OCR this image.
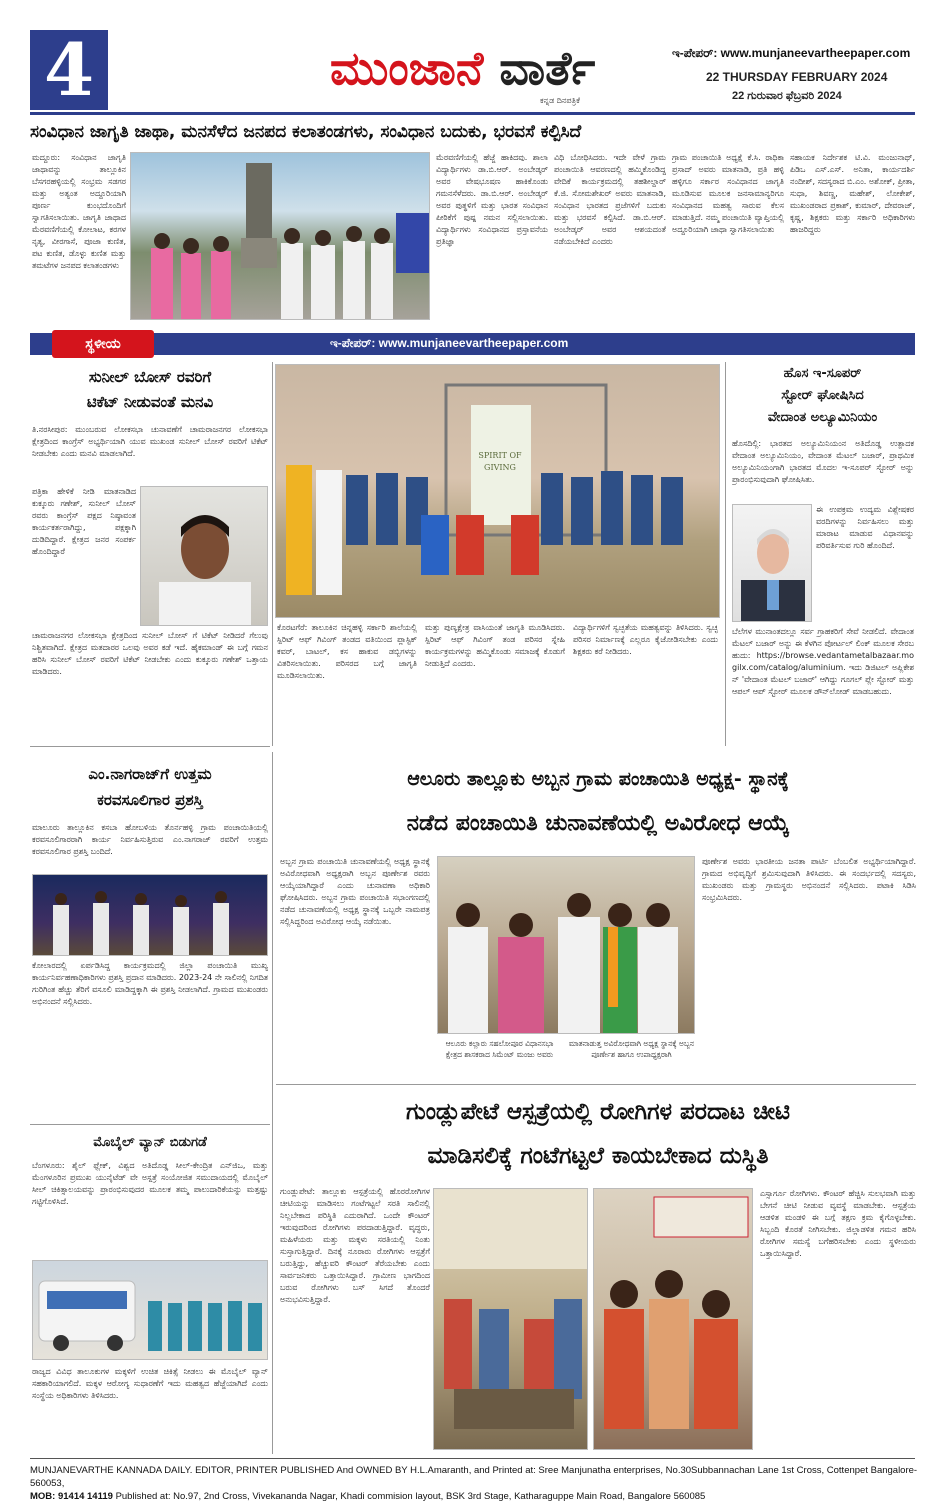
4	ಮುಂಜಾನೆ ವಾರ್ತೆ
ಕನ್ನಡ ದಿನಪತ್ರಿಕೆ
ಇ-ಪೇಪರ್: www.munjaneevartheepaper.com
22 THURSDAY FEBRUARY 2024
22 ಗುರುವಾರ ಫೆಬ್ರವರಿ 2024
ಸಂವಿಧಾನ ಜಾಗೃತಿ ಜಾಥಾ, ಮನಸೆಳೆದ ಜನಪದ ಕಲಾತಂಡಗಳು, ಸಂವಿಧಾನ ಬದುಕು, ಭರವಸೆ ಕಲ್ಪಿಸಿದೆ
ಮದ್ದೂರು: ಸಂವಿಧಾನ ಜಾಗೃತಿ ಜಾಥಾವನ್ನು ತಾಲ್ಲೂಕಿನ ಬೆಸಗರಹಳ್ಳಿಯಲ್ಲಿ ಸಂಭ್ರಮ ಸಡಗರ ಮತ್ತು ಅತ್ಯಂತ ಅದ್ದೂರಿಯಾಗಿ ಪೂರ್ಣ ಕುಂಭದೊಂದಿಗೆ ಸ್ವಾಗತಿಸಲಾಯಿತು. ಜಾಗೃತಿ ಜಾಥಾದ ಮೆರವಣಿಗೆಯಲ್ಲಿ ಕೋಲಾಟ, ಕರಗಳ ನೃತ್ಯ, ವೀರಗಾಸೆ, ಪೂಜಾ ಕುಣಿತ, ಪಟ ಕುಣಿತ, ಡೊಳ್ಳು ಕುಣಿತ ಮತ್ತು ತಮಟೆಗಳ ಜನಪದ ಕಲಾತಂಡಗಳು
ಮೆರವಣಿಗೆಯಲ್ಲಿ ಹೆಜ್ಜೆ ಹಾಕಿದವು. ಶಾಲಾ ವಿದ್ಯಾರ್ಥಿಗಳು ಡಾ.ಬಿ.ಆರ್. ಅಂಬೇಡ್ಕರ್ ಅವರ ವೇಷಭೂಷಣ ಹಾಕಿಕೊಂಡು ಗಮನಸೆಳೆದರು. ಡಾ.ಬಿ.ಆರ್. ಅಂಬೇಡ್ಕರ್ ಅವರ ಪುತ್ಥಳಿಗೆ ಮತ್ತು ಭಾರತ ಸಂವಿಧಾನ ಪೀಠಿಕೆಗೆ ಪುಷ್ಪ ನಮನ ಸಲ್ಲಿಸಲಾಯಿತು. ವಿದ್ಯಾರ್ಥಿಗಳು ಸಂವಿಧಾನದ ಪ್ರಸ್ತಾವನೆಯ ಪ್ರತಿಜ್ಞಾ
ವಿಧಿ ಬೋಧಿಸಿದರು. ಇದೇ ವೇಳೆ ಗ್ರಾಮ ಪಂಚಾಯಿತಿ ಆವರಣದಲ್ಲಿ ಹಮ್ಮಿಕೊಂಡಿದ್ದ ವೇದಿಕೆ ಕಾರ್ಯಕ್ರಮದಲ್ಲಿ ತಹಶೀಲ್ದಾರ್ ಕೆ.ಜಿ. ಸೋಮಶೇಖರ್ ಅವರು ಮಾತನಾಡಿ, ಸಂವಿಧಾನ ಭಾರತದ ಪ್ರಜೆಗಳಿಗೆ ಬದುಕು ಮತ್ತು ಭರವಸೆ ಕಲ್ಪಿಸಿದೆ. ಡಾ.ಬಿ.ಆರ್. ಅಂಬೇಡ್ಕರ್ ಅವರ ಆಶಯದಂತೆ ನಡೆಯಬೇಕಿದೆ ಎಂದರು
ಗ್ರಾಮ ಪಂಚಾಯಿತಿ ಅಧ್ಯಕ್ಷೆ ಕೆ.ಸಿ. ರಾಧಿಕಾ ಪ್ರಸಾದ್ ಅವರು ಮಾತನಾಡಿ, ಪ್ರತಿ ಹಳ್ಳಿ ಹಳ್ಳಿಗೂ ಸರ್ಕಾರ ಸಂವಿಧಾನದ ಜಾಗೃತಿ ಮೂಡಿಸುವ ಮೂಲಕ ಜನಸಾಮಾನ್ಯರಿಗೂ ಸಂವಿಧಾನದ ಮಹತ್ವ ಸಾರುವ ಕೆಲಸ ಮಾಡುತ್ತಿದೆ. ನಮ್ಮ ಪಂಚಾಯಿತಿ ವ್ಯಾಪ್ತಿಯಲ್ಲಿ ಅದ್ದೂರಿಯಾಗಿ ಜಾಥಾ ಸ್ವಾಗತಿಸಲಾಯಿತು
ಸಹಾಯಕ ನಿರ್ದೇಶಕ ಟಿ.ವಿ. ಮಂಜುನಾಥ್, ಪಿಡಿಒ ಎಸ್.ಎಸ್. ಅನಿತಾ, ಕಾರ್ಯದರ್ಶಿ ನಂದೀಶ್, ಸದಸ್ಯರಾದ ಬಿ.ಎಂ. ಅಶೋಕ್, ಪ್ರೀತಾ, ಸುಧಾ, ಶಿವಣ್ಣ, ಮಹೇಶ್, ಲೋಕೇಶ್, ಮುಖಂಡರಾದ ಪ್ರಕಾಶ್, ಕುಮಾರ್, ದೇವರಾಜ್, ಕೃಷ್ಣ, ಶಿಕ್ಷಕರು ಮತ್ತು ಸರ್ಕಾರಿ ಅಧಿಕಾರಿಗಳು ಹಾಜರಿದ್ದರು
ಸ್ಥಳೀಯ	ಇ-ಪೇಪರ್: www.munjaneevartheepaper.com
ಸುನೀಲ್ ಬೋಸ್ ರವರಿಗೆ
ಟಿಕೆಟ್ ನೀಡುವಂತೆ ಮನವಿ
ತಿ.ನರಸೀಪುರ: ಮುಂಬರುವ ಲೋಕಸಭಾ ಚುನಾವಣೆಗೆ ಚಾಮರಾಜನಗರ ಲೋಕಸಭಾ ಕ್ಷೇತ್ರದಿಂದ ಕಾಂಗ್ರೆಸ್ ಅಭ್ಯರ್ಥಿಯಾಗಿ ಯುವ ಮುಖಂಡ ಸುನೀಲ್ ಬೋಸ್ ರವರಿಗೆ ಟಿಕೆಟ್ ನೀಡಬೇಕು ಎಂದು ಮನವಿ ಮಾಡಲಾಗಿದೆ.
ಪತ್ರಿಕಾ ಹೇಳಿಕೆ ನೀಡಿ ಮಾತನಾಡಿದ ಕುಕ್ಕೂರು ಗಣೇಶ್, ಸುನೀಲ್ ಬೋಸ್ ರವರು ಕಾಂಗ್ರೆಸ್ ಪಕ್ಷದ ನಿಷ್ಠಾವಂತ ಕಾರ್ಯಕರ್ತರಾಗಿದ್ದು, ಪಕ್ಷಕ್ಕಾಗಿ ದುಡಿದಿದ್ದಾರೆ. ಕ್ಷೇತ್ರದ ಜನರ ಸಂಪರ್ಕ ಹೊಂದಿದ್ದಾರೆ
ಚಾಮರಾಜನಗರ ಲೋಕಸಭಾ ಕ್ಷೇತ್ರದಿಂದ ಸುನೀಲ್ ಬೋಸ್ ಗೆ ಟಿಕೆಟ್ ನೀಡಿದರೆ ಗೆಲುವು ನಿಶ್ಚಿತವಾಗಿದೆ. ಕ್ಷೇತ್ರದ ಮತದಾರರ ಒಲವು ಅವರ ಕಡೆ ಇದೆ. ಹೈಕಮಾಂಡ್ ಈ ಬಗ್ಗೆ ಗಮನ ಹರಿಸಿ ಸುನೀಲ್ ಬೋಸ್ ರವರಿಗೆ ಟಿಕೆಟ್ ನೀಡಬೇಕು ಎಂದು ಕುಕ್ಕೂರು ಗಣೇಶ್ ಒತ್ತಾಯ ಮಾಡಿದರು.
SPIRIT OF GIVING
ಕೊರಟಗೆರೆ: ತಾಲೂಕಿನ ಚಿನ್ನಹಳ್ಳಿ ಸರ್ಕಾರಿ ಶಾಲೆಯಲ್ಲಿ ಸ್ಪಿರಿಟ್ ಆಫ್ ಗಿವಿಂಗ್ ತಂಡದ ವತಿಯಿಂದ ಪ್ಲಾಸ್ಟಿಕ್ ಕವರ್, ಬಾಟಲ್, ಕಸ ಹಾಕುವ ಡಬ್ಬಿಗಳನ್ನು ವಿತರಿಸಲಾಯಿತು. ಪರಿಸರದ ಬಗ್ಗೆ ಜಾಗೃತಿ ಮೂಡಿಸಲಾಯಿತು.
ಮತ್ತು ಪುಣ್ಯಕ್ಷೇತ್ರ ವಾಸಿಯಂತೆ ಜಾಗೃತಿ ಮೂಡಿಸಿದರು. ಸ್ಪಿರಿಟ್ ಆಫ್ ಗಿವಿಂಗ್ ತಂಡ ಪರಿಸರ ಸ್ನೇಹಿ ಕಾರ್ಯಕ್ರಮಗಳನ್ನು ಹಮ್ಮಿಕೊಂಡು ಸಮಾಜಕ್ಕೆ ಕೊಡುಗೆ ನೀಡುತ್ತಿದೆ ಎಂದರು.
ವಿದ್ಯಾರ್ಥಿಗಳಿಗೆ ಸ್ವಚ್ಛತೆಯ ಮಹತ್ವವನ್ನು ತಿಳಿಸಿದರು. ಸ್ವಚ್ಛ ಪರಿಸರ ನಿರ್ಮಾಣಕ್ಕೆ ಎಲ್ಲರೂ ಕೈಜೋಡಿಸಬೇಕು ಎಂದು ಶಿಕ್ಷಕರು ಕರೆ ನೀಡಿದರು.
ಹೊಸ ಇ-ಸೂಪರ್
ಸ್ಟೋರ್ ಘೋಷಿಸಿದ
ವೇದಾಂತ ಅಲ್ಯೂಮಿನಿಯಂ
ಹೊಸದಿಲ್ಲಿ: ಭಾರತದ ಅಲ್ಯೂಮಿನಿಯಂನ ಅತಿದೊಡ್ಡ ಉತ್ಪಾದಕ ವೇದಾಂತ ಅಲ್ಯೂಮಿನಿಯಂ, ವೇದಾಂತ ಮೆಟಲ್ ಬಜಾರ್, ಪ್ರಾಥಮಿಕ ಅಲ್ಯೂಮಿನಿಯಂಗಾಗಿ ಭಾರತದ ಮೊದಲ ಇ-ಸೂಪರ್ ಸ್ಟೋರ್ ಅನ್ನು ಪ್ರಾರಂಭಿಸುವುದಾಗಿ ಘೋಷಿಸಿತು.
ಈ ಉಪಕ್ರಮ ಉದ್ಯಮ ವಿಶ್ಲೇಷಕರ ವರದಿಗಳನ್ನು ನಿರ್ವಹಿಸಲು ಮತ್ತು ಮಾರಾಟ ಮಾಡುವ ವಿಧಾನವನ್ನು ಪರಿವರ್ತಿಸುವ ಗುರಿ ಹೊಂದಿದೆ.
ಬೆಲೆಗಳ ಮುನಾಂತದಲ್ಲೂ ಸರ್ವ ಗ್ರಾಹಕರಿಗೆ ಸೇವೆ ನೀಡಲಿದೆ. ವೇದಾಂತ ಮೆಟಲ್ ಬಜಾರ್ ಅನ್ನು ಈ ಕೆಳಗಿನ ಪೋರ್ಟಲ್ ಲಿಂಕ್ ಮೂಲಕ ಸೇರಬಹುದು: https://browse.vedantametalbazaar.mogilx.com/catalog/aluminium. ಇದು ಡಿಜಿಟಲ್ ಅಪ್ಲಿಕೇಶನ್ 'ವೇದಾಂತ ಮೆಟಲ್ ಬಜಾರ್' ಆಗಿದ್ದು ಗೂಗಲ್ ಪ್ಲೇ ಸ್ಟೋರ್ ಮತ್ತು ಆಪಲ್ ಆಪ್ ಸ್ಟೋರ್ ಮೂಲಕ ಡೌನ್‌ಲೋಡ್ ಮಾಡಬಹುದು.
ಎಂ.ನಾಗರಾಜ್‌ಗೆ ಉತ್ತಮ
ಕರವಸೂಲಿಗಾರ ಪ್ರಶಸ್ತಿ
ಮಾಲೂರು ತಾಲ್ಲೂಕಿನ ಕಸಬಾ ಹೋಬಳಿಯ ತೊರ್ನಹಳ್ಳಿ ಗ್ರಾಮ ಪಂಚಾಯಿತಿಯಲ್ಲಿ ಕರವಸೂಲಿಗಾರರಾಗಿ ಕಾರ್ಯ ನಿರ್ವಹಿಸುತ್ತಿರುವ ಎಂ.ನಾಗರಾಜ್ ರವರಿಗೆ ಉತ್ತಮ ಕರವಸೂಲಿಗಾರ ಪ್ರಶಸ್ತಿ ಬಂದಿದೆ.
ಕೋಲಾರದಲ್ಲಿ ಏರ್ಪಡಿಸಿದ್ದ ಕಾರ್ಯಕ್ರಮದಲ್ಲಿ ಜಿಲ್ಲಾ ಪಂಚಾಯಿತಿ ಮುಖ್ಯ ಕಾರ್ಯನಿರ್ವಹಣಾಧಿಕಾರಿಗಳು ಪ್ರಶಸ್ತಿ ಪ್ರದಾನ ಮಾಡಿದರು. 2023-24 ನೇ ಸಾಲಿನಲ್ಲಿ ನಿಗದಿತ ಗುರಿಗಿಂತ ಹೆಚ್ಚು ತೆರಿಗೆ ವಸೂಲಿ ಮಾಡಿದ್ದಕ್ಕಾಗಿ ಈ ಪ್ರಶಸ್ತಿ ನೀಡಲಾಗಿದೆ. ಗ್ರಾಮದ ಮುಖಂಡರು ಅಭಿನಂದನೆ ಸಲ್ಲಿಸಿದರು.
ಮೊಬೈಲ್ ವ್ಯಾನ್ ಬಿಡುಗಡೆ
ಬೆಂಗಳೂರು: ಶೈಲ್ ಫ್ಲೇಕ್, ವಿಶ್ವದ ಅತಿದೊಡ್ಡ ಸೀಲ್-ಕೇಂದ್ರಿತ ಎನ್‌ಜಿಒ, ಮತ್ತು ಮೆಂಗಳೂರಿನ ಪ್ರಮುಖ ಯುನೈಟೆಡ್ ವೇ ಅಸ್ಪತ್ರೆ ಸಂಯೋಜಿತ ಸಮುದಾಯದಲ್ಲಿ ಮೊಬೈಲ್ ಸೀಲ್ ಚಿಕಿತ್ಸಾಲಯವನ್ನು ಪ್ರಾರಂಭಿಸುವುದರ ಮೂಲಕ ತಮ್ಮ ಪಾಲುದಾರಿಕೆಯನ್ನು ಮತ್ತಷ್ಟು ಗಟ್ಟಿಗೊಳಿಸಿದೆ.
ರಾಜ್ಯದ ವಿವಿಧ ತಾಲೂಕುಗಳ ಮಕ್ಕಳಿಗೆ ಉಚಿತ ಚಿಕಿತ್ಸೆ ನೀಡಲು ಈ ಮೊಬೈಲ್ ವ್ಯಾನ್ ಸಹಕಾರಿಯಾಗಲಿದೆ. ಮಕ್ಕಳ ಆರೋಗ್ಯ ಸುಧಾರಣೆಗೆ ಇದು ಮಹತ್ವದ ಹೆಜ್ಜೆಯಾಗಿದೆ ಎಂದು ಸಂಸ್ಥೆಯ ಅಧಿಕಾರಿಗಳು ತಿಳಿಸಿದರು.
ಆಲೂರು ತಾಲ್ಲೂಕು ಅಬ್ಬನ ಗ್ರಾಮ ಪಂಚಾಯಿತಿ ಅಧ್ಯಕ್ಷ- ಸ್ಥಾನಕ್ಕೆ
ನಡೆದ ಪಂಚಾಯಿತಿ ಚುನಾವಣೆಯಲ್ಲಿ ಅವಿರೋಧ ಆಯ್ಕೆ
ಅಬ್ಬನ ಗ್ರಾಮ ಪಂಚಾಯಿತಿ ಚುನಾವಣೆಯಲ್ಲಿ ಅಧ್ಯಕ್ಷ ಸ್ಥಾನಕ್ಕೆ ಅವಿರೋಧವಾಗಿ ಅಧ್ಯಕ್ಷರಾಗಿ ಅಬ್ಬನ ಪೂರ್ಣೇಶ ರವರು ಆಯ್ಕೆಯಾಗಿದ್ದಾರೆ ಎಂದು ಚುನಾವಣಾ ಅಧಿಕಾರಿ ಘೋಷಿಸಿದರು. ಅಬ್ಬನ ಗ್ರಾಮ ಪಂಚಾಯಿತಿ ಸಭಾಂಗಣದಲ್ಲಿ ನಡೆದ ಚುನಾವಣೆಯಲ್ಲಿ ಅಧ್ಯಕ್ಷ ಸ್ಥಾನಕ್ಕೆ ಒಬ್ಬರೇ ನಾಮಪತ್ರ ಸಲ್ಲಿಸಿದ್ದರಿಂದ ಅವಿರೋಧ ಆಯ್ಕೆ ನಡೆಯಿತು.
ಆಲೂರು ಕಲ್ಲಾರು ಸಹಲೋಪೂರ ವಿಧಾನಸಭಾ ಕ್ಷೇತ್ರದ ಶಾಸಕರಾದ ಸಿಮೆಂಟ್ ಮಂಜು ಅವರು
ಮಾತನಾಡುತ್ತ ಅವಿರೋಧವಾಗಿ ಅಧ್ಯಕ್ಷ ಸ್ಥಾನಕ್ಕೆ ಅಬ್ಬನ ಪೂರ್ಣೇಶ ಹಾಗೂ ಉಪಾಧ್ಯಕ್ಷರಾಗಿ
ಪೂರ್ಣೇಶ ಅವರು ಭಾರತೀಯ ಜನತಾ ಪಾರ್ಟಿ ಬೆಂಬಲಿತ ಅಭ್ಯರ್ಥಿಯಾಗಿದ್ದಾರೆ. ಗ್ರಾಮದ ಅಭಿವೃದ್ಧಿಗೆ ಶ್ರಮಿಸುವುದಾಗಿ ತಿಳಿಸಿದರು. ಈ ಸಂದರ್ಭದಲ್ಲಿ ಸದಸ್ಯರು, ಮುಖಂಡರು ಮತ್ತು ಗ್ರಾಮಸ್ಥರು ಅಭಿನಂದನೆ ಸಲ್ಲಿಸಿದರು. ಪಟಾಕಿ ಸಿಡಿಸಿ ಸಂಭ್ರಮಿಸಿದರು.
ಗುಂಡ್ಲುಪೇಟೆ ಆಸ್ಪತ್ರೆಯಲ್ಲಿ ರೋಗಿಗಳ ಪರದಾಟ ಚೀಟಿ
ಮಾಡಿಸಲಿಕ್ಕೆ ಗಂಟೆಗಟ್ಟಲೆ ಕಾಯಬೇಕಾದ ದುಸ್ಥಿತಿ
ಗುಂಡ್ಲುಪೇಟೆ: ತಾಲ್ಲೂಕು ಆಸ್ಪತ್ರೆಯಲ್ಲಿ ಹೊರರೋಗಿಗಳ ಚೀಟಿಯನ್ನು ಮಾಡಿಸಲು ಗಂಟೆಗಟ್ಟಲೆ ಸರತಿ ಸಾಲಿನಲ್ಲಿ ನಿಲ್ಲಬೇಕಾದ ಪರಿಸ್ಥಿತಿ ಎದುರಾಗಿದೆ. ಒಂದೇ ಕೌಂಟರ್ ಇರುವುದರಿಂದ ರೋಗಿಗಳು ಪರದಾಡುತ್ತಿದ್ದಾರೆ. ವೃದ್ಧರು, ಮಹಿಳೆಯರು ಮತ್ತು ಮಕ್ಕಳು ಸರತಿಯಲ್ಲಿ ನಿಂತು ಸುಸ್ತಾಗುತ್ತಿದ್ದಾರೆ. ದಿನಕ್ಕೆ ನೂರಾರು ರೋಗಿಗಳು ಆಸ್ಪತ್ರೆಗೆ ಬರುತ್ತಿದ್ದು, ಹೆಚ್ಚುವರಿ ಕೌಂಟರ್ ತೆರೆಯಬೇಕು ಎಂದು ಸಾರ್ವಜನಿಕರು ಒತ್ತಾಯಿಸಿದ್ದಾರೆ. ಗ್ರಾಮೀಣ ಭಾಗದಿಂದ ಬರುವ ರೋಗಿಗಳು ಬಸ್ ಸಿಗದೆ ತೊಂದರೆ ಅನುಭವಿಸುತ್ತಿದ್ದಾರೆ.
ಎಸ್ಸಾರ್ಗೂ ರೋಗಿಗಳು. ಕೌಂಟರ್ ಹೆಚ್ಚಿಸಿ ಸುಲಭವಾಗಿ ಮತ್ತು ಬೇಗನೆ ಚೀಟಿ ನೀಡುವ ವ್ಯವಸ್ಥೆ ಮಾಡಬೇಕು. ಆಸ್ಪತ್ರೆಯ ಆಡಳಿತ ಮಂಡಳಿ ಈ ಬಗ್ಗೆ ತಕ್ಷಣ ಕ್ರಮ ಕೈಗೊಳ್ಳಬೇಕು. ಸಿಬ್ಬಂದಿ ಕೊರತೆ ನೀಗಿಸಬೇಕು. ಜಿಲ್ಲಾಡಳಿತ ಗಮನ ಹರಿಸಿ ರೋಗಿಗಳ ಸಮಸ್ಯೆ ಬಗೆಹರಿಸಬೇಕು ಎಂದು ಸ್ಥಳೀಯರು ಒತ್ತಾಯಿಸಿದ್ದಾರೆ.
MUNJANEVARTHE KANNADA DAILY. EDITOR, PRINTER PUBLISHED And OWNED BY H.L.Amaranth, and Printed at: Sree Manjunatha enterprises, No.30Subbannachan Lane 1st Cross, Cottenpet Bangalore-560053,
MOB: 91414 14119 Published at: No.97, 2nd Cross, Vivekananda Nagar, Khadi commision layout, BSK 3rd Stage, Katharaguppe Main Road, Bangalore 560085
